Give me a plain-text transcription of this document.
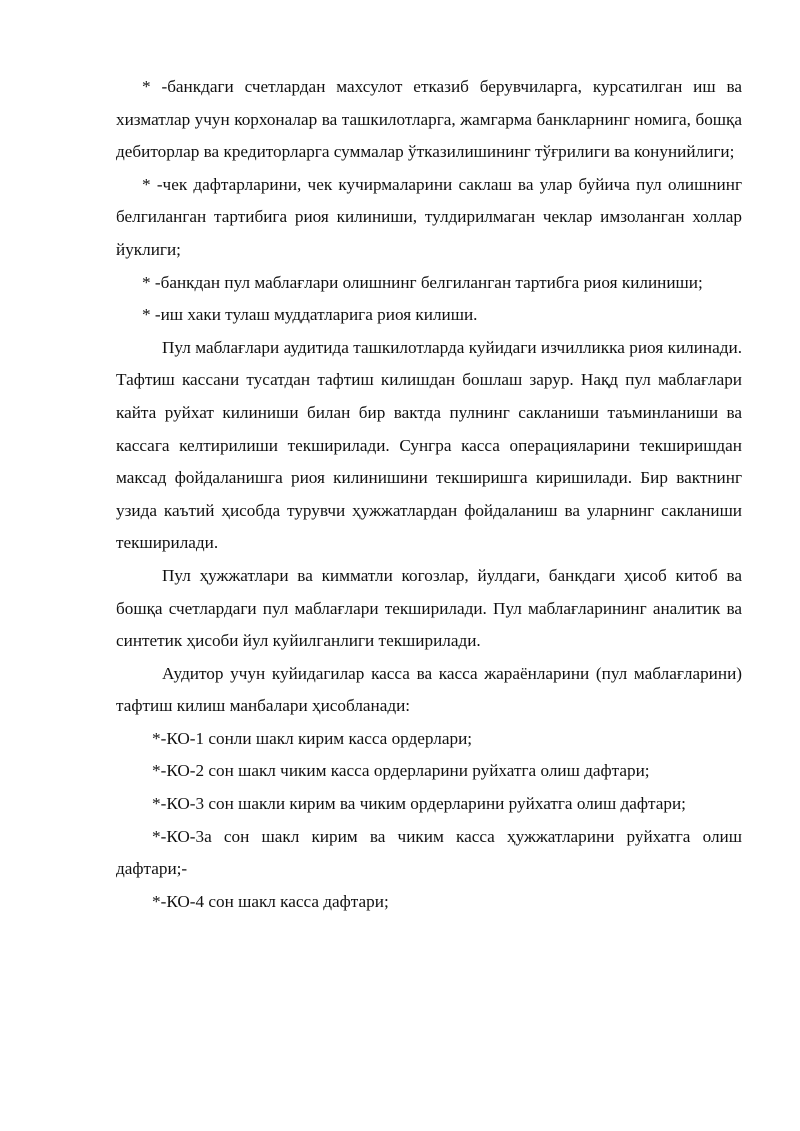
* -банкдаги счетлардан махсулот етказиб берувчиларга, курсатилган иш ва хизматлар учун корхоналар ва ташкилотларга, жамгарма банкларнинг номига, бошқа дебиторлар ва кредиторларга суммалар ўтказилишининг тўғрилиги ва конунийлиги;

* -чек дафтарларини, чек кучирмаларини саклаш ва улар буйича пул олишнинг белгиланган тартибига риоя килиниши, тулдирилмаган чеклар имзоланган холлар йуклиги;

* -банкдан пул маблағлари олишнинг белгиланган тартибга риоя килиниши;

* -иш хаки тулаш муддатларига риоя килиши.

Пул маблағлари аудитида ташкилотларда куйидаги изчилликка риоя килинади. Тафтиш кассани тусатдан тафтиш килишдан бошлаш зарур. Нақд пул маблағлари кайта руйхат килиниши билан бир вактда пулнинг сакланиши таъминланиши ва кассага келтирилиши текширилади. Сунгра касса операцияларини текширишдан максад фойдаланишга риоя килинишини текширишга киришилади. Бир вактнинг узида каътий ҳисобда турувчи ҳужжатлардан фойдаланиш ва уларнинг сакланиши текширилади.

Пул ҳужжатлари ва кимматли когозлар, йулдаги, банкдаги ҳисоб китоб ва бошқа счетлардаги пул маблағлари текширилади. Пул маблағларининг аналитик ва синтетик ҳисоби йул куйилганлиги текширилади.

Аудитор учун куйидагилар касса ва касса жараёнларини (пул маблағларини) тафтиш килиш манбалари ҳисобланади:

*-КО-1 сонли шакл кирим касса ордерлари;

*-КО-2 сон шакл чиким касса ордерларини руйхатга олиш дафтари;

*-КО-3 сон шакли кирим ва чиким ордерларини руйхатга олиш дафтари;

*-КО-3а сон шакл кирим ва чиким касса ҳужжатларини руйхатга олиш дафтари;-

*-КО-4 сон шакл касса дафтари;
